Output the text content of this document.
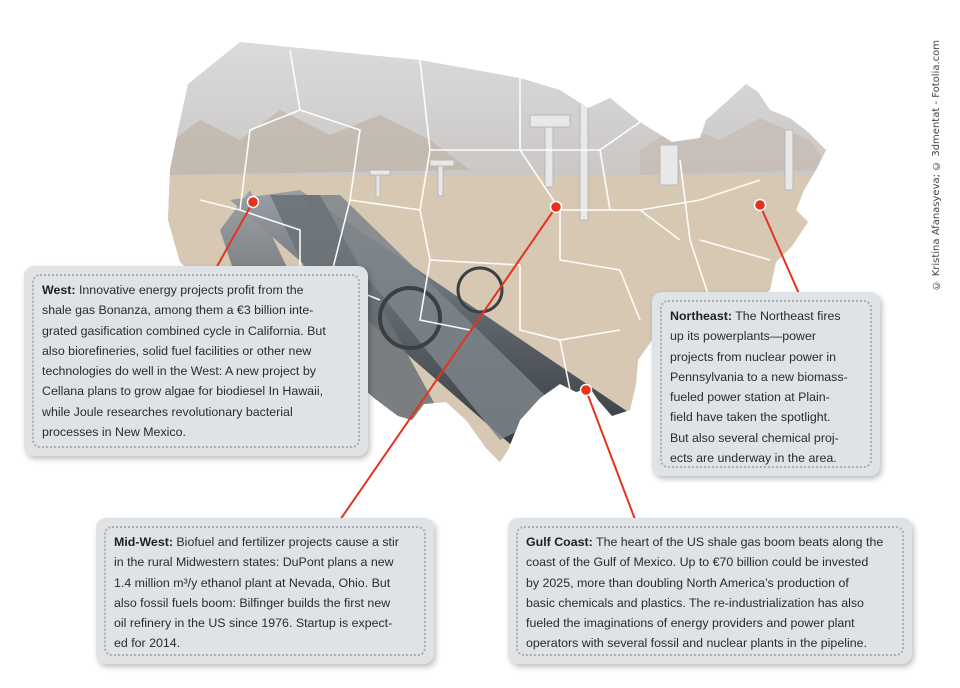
© Kristina Afanasyeva; © 3dmentat - Fotolia.com

West: Innovative energy projects profit from the
shale gas Bonanza, among them a €3 billion inte-
grated gasification combined cycle in California. But
also biorefineries, solid fuel facilities or other new
technologies do well in the West: A new project by
Cellana plans to grow algae for biodiesel In Hawaii,
while Joule researches revolutionary bacterial
processes in New Mexico.

Northeast: The Northeast fires
up its powerplants—power
projects from nuclear power in
Pennsylvania to a new biomass-
fueled power station at Plain-
field have taken the spotlight.
But also several chemical proj-
ects are underway in the area.

Mid-West: Biofuel and fertilizer projects cause a stir
in the rural Midwestern states: DuPont plans a new
1.4 million m³/y ethanol plant at Nevada, Ohio. But
also fossil fuels boom: Bilfinger builds the first new
oil refinery in the US since 1976. Startup is expect-
ed for 2014.

Gulf Coast: The heart of the US shale gas boom beats along the
coast of the Gulf of Mexico. Up to €70 billion could be invested
by 2025, more than doubling North America’s production of
basic chemicals and plastics. The re-industrialization has also
fueled the imaginations of energy providers and power plant
operators with several fossil and nuclear plants in the pipeline.
